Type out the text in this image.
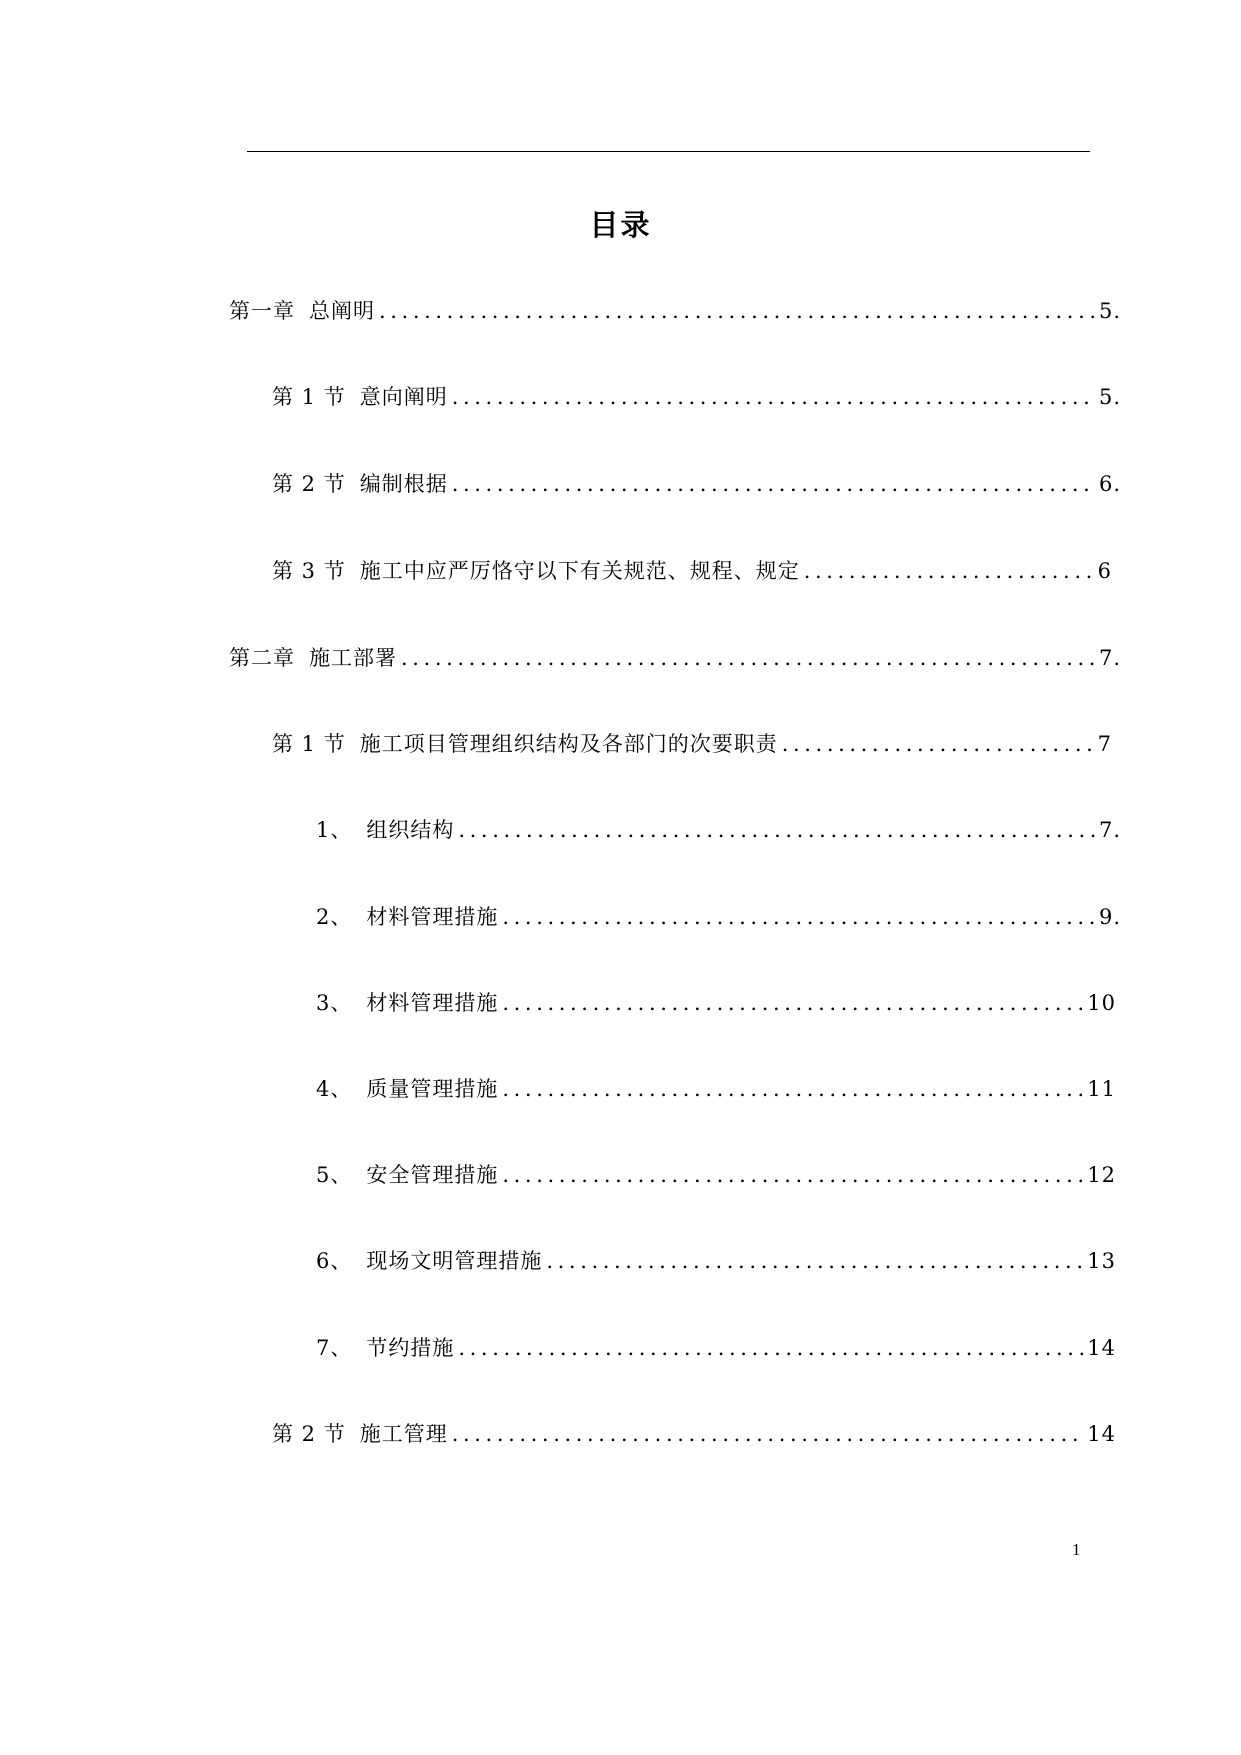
目录
第一章 总阐明 .....	5.
第 1 节 意向阐明 .....	5.
第 2 节 编制根据 .....	6.
第 3 节 施工中应严厉恪守以下有关规范、规程、规定 .....	6
第二章 施工部署 .....	7.
第 1 节 施工项目管理组织结构及各部门的次要职责 .....	7
1、 组织结构 .....	7.
2、 材料管理措施 .....	9.
3、 材料管理措施 .....	10
4、 质量管理措施 .....	11
5、 安全管理措施 .....	12
6、 现场文明管理措施 .....	13
7、 节约措施 .....	14
第 2 节 施工管理 .....	14
1
